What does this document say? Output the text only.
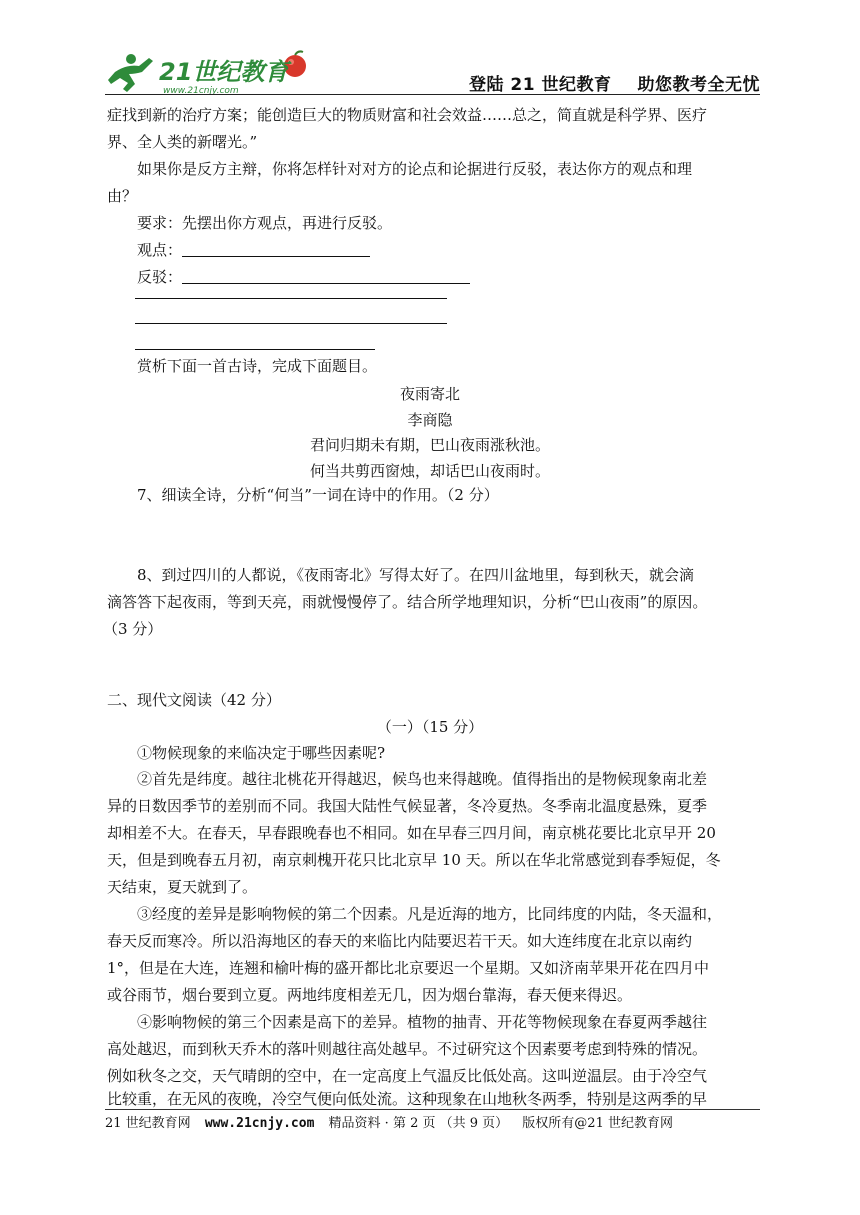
21世纪教育
www.21cnjy.com	登陆 21 世纪教育 助您教考全无忧
症找到新的治疗方案；能创造巨大的物质财富和社会效益……总之，简直就是科学界、医疗
界、全人类的新曙光。”
如果你是反方主辩，你将怎样针对对方的论点和论据进行反驳，表达你方的观点和理
由？
要求：先摆出你方观点，再进行反驳。
观点：
反驳：
赏析下面一首古诗，完成下面题目。
夜雨寄北
李商隐
君问归期未有期，巴山夜雨涨秋池。
何当共剪西窗烛，却话巴山夜雨时。
7、细读全诗，分析“何当”一词在诗中的作用。（2 分）
8、到过四川的人都说，《夜雨寄北》写得太好了。在四川盆地里，每到秋天，就会滴
滴答答下起夜雨，等到天亮，雨就慢慢停了。结合所学地理知识，分析“巴山夜雨”的原因。
（3 分）
二、现代文阅读（42 分）
（一）（15 分）
①物候现象的来临决定于哪些因素呢?
②首先是纬度。越往北桃花开得越迟，候鸟也来得越晚。值得指出的是物候现象南北差
异的日数因季节的差别而不同。我国大陆性气候显著，冬冷夏热。冬季南北温度悬殊，夏季
却相差不大。在春天，早春跟晚春也不相同。如在早春三四月间，南京桃花要比北京早开 20
天，但是到晚春五月初，南京刺槐开花只比北京早 10 天。所以在华北常感觉到春季短促，冬
天结束，夏天就到了。
③经度的差异是影响物候的第二个因素。凡是近海的地方，比同纬度的内陆，冬天温和，
春天反而寒冷。所以沿海地区的春天的来临比内陆要迟若干天。如大连纬度在北京以南约
1°，但是在大连，连翘和榆叶梅的盛开都比北京要迟一个星期。又如济南苹果开花在四月中
或谷雨节，烟台要到立夏。两地纬度相差无几，因为烟台靠海，春天便来得迟。
④影响物候的第三个因素是高下的差异。植物的抽青、开花等物候现象在春夏两季越往
高处越迟，而到秋天乔木的落叶则越往高处越早。不过研究这个因素要考虑到特殊的情况。
例如秋冬之交，天气晴朗的空中，在一定高度上气温反比低处高。这叫逆温层。由于冷空气
比较重，在无风的夜晚，冷空气便向低处流。这种现象在山地秋冬两季，特别是这两季的早
21 世纪教育网 www.21cnjy.com 精品资料 · 第 2 页 （共 9 页） 版权所有@21 世纪教育网
